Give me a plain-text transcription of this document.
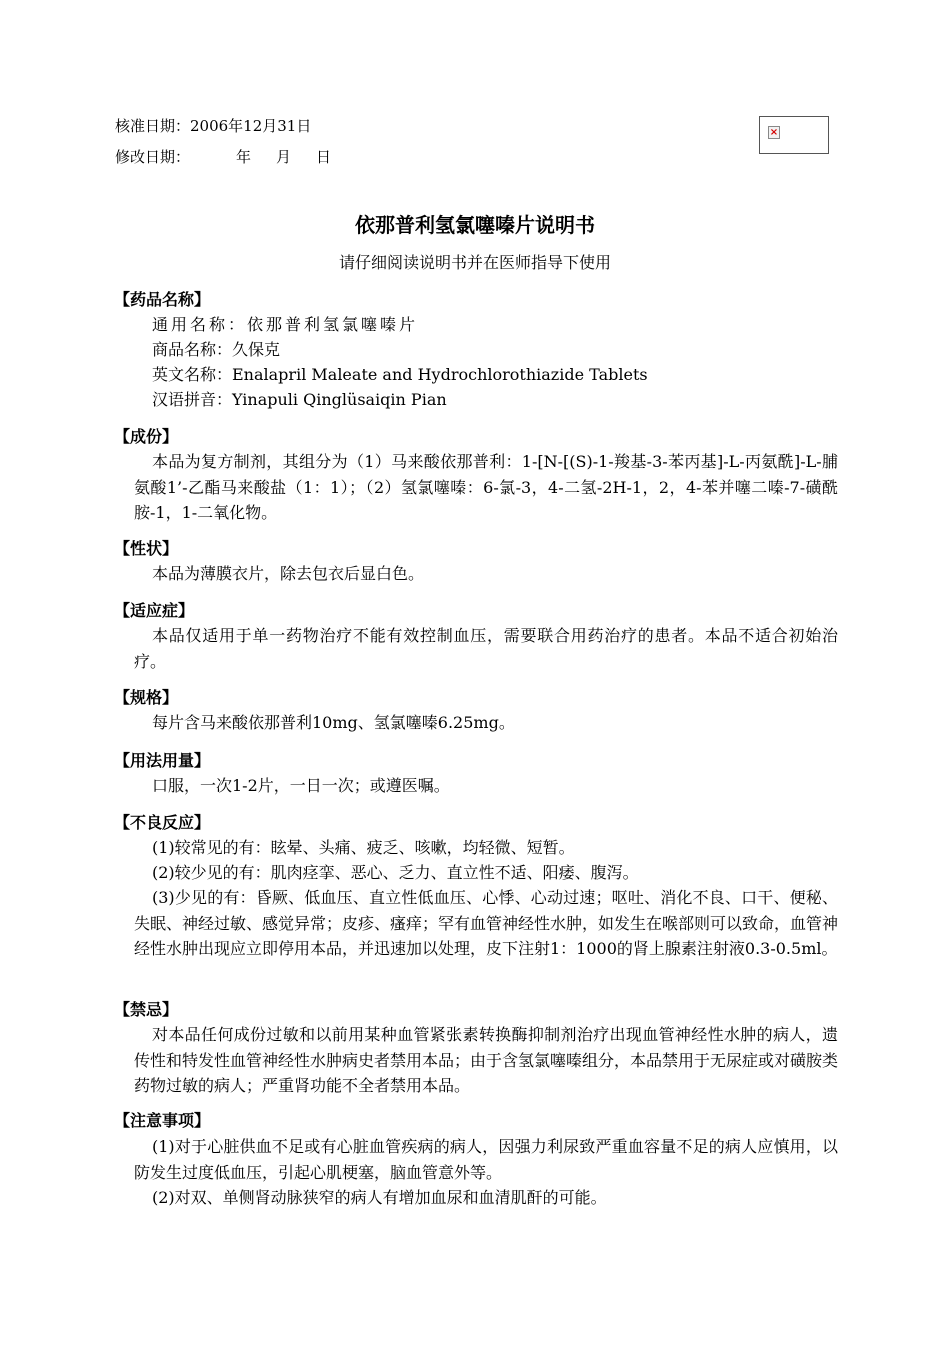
核准日期：2006年12月31日
修改日期：	年 月 日
×
依那普利氢氯噻嗪片说明书
请仔细阅读说明书并在医师指导下使用
【药品名称】
通用名称：依那普利氢氯噻嗪片
商品名称：久保克
英文名称：Enalapril Maleate and Hydrochlorothiazide Tablets
汉语拼音：Yinapuli Qinglüsaiqin Pian
【成份】
本品为复方制剂，其组分为（1）马来酸依那普利：1-[N-[(S)-1-羧基-3-苯丙基]-L-丙氨酰]-L-脯氨酸1’-乙酯马来酸盐（1：1）；（2）氢氯噻嗪：6-氯-3，4-二氢-2H-1，2，4-苯并噻二嗪-7-磺酰胺-1，1-二氧化物。
【性状】
本品为薄膜衣片，除去包衣后显白色。
【适应症】
本品仅适用于单一药物治疗不能有效控制血压，需要联合用药治疗的患者。本品不适合初始治疗。
【规格】
每片含马来酸依那普利10mg、氢氯噻嗪6.25mg。
【用法用量】
口服，一次1-2片，一日一次；或遵医嘱。
【不良反应】
(1)较常见的有：眩晕、头痛、疲乏、咳嗽，均轻微、短暂。
(2)较少见的有：肌肉痉挛、恶心、乏力、直立性不适、阳痿、腹泻。
(3)少见的有：昏厥、低血压、直立性低血压、心悸、心动过速；呕吐、消化不良、口干、便秘、失眠、神经过敏、感觉异常；皮疹、瘙痒；罕有血管神经性水肿，如发生在喉部则可以致命，血管神经性水肿出现应立即停用本品，并迅速加以处理，皮下注射1：1000的肾上腺素注射液0.3-0.5ml。
【禁忌】
对本品任何成份过敏和以前用某种血管紧张素转换酶抑制剂治疗出现血管神经性水肿的病人，遗传性和特发性血管神经性水肿病史者禁用本品；由于含氢氯噻嗪组分，本品禁用于无尿症或对磺胺类药物过敏的病人；严重肾功能不全者禁用本品。
【注意事项】
(1)对于心脏供血不足或有心脏血管疾病的病人，因强力利尿致严重血容量不足的病人应慎用，以防发生过度低血压，引起心肌梗塞，脑血管意外等。
(2)对双、单侧肾动脉狭窄的病人有增加血尿和血清肌酐的可能。
